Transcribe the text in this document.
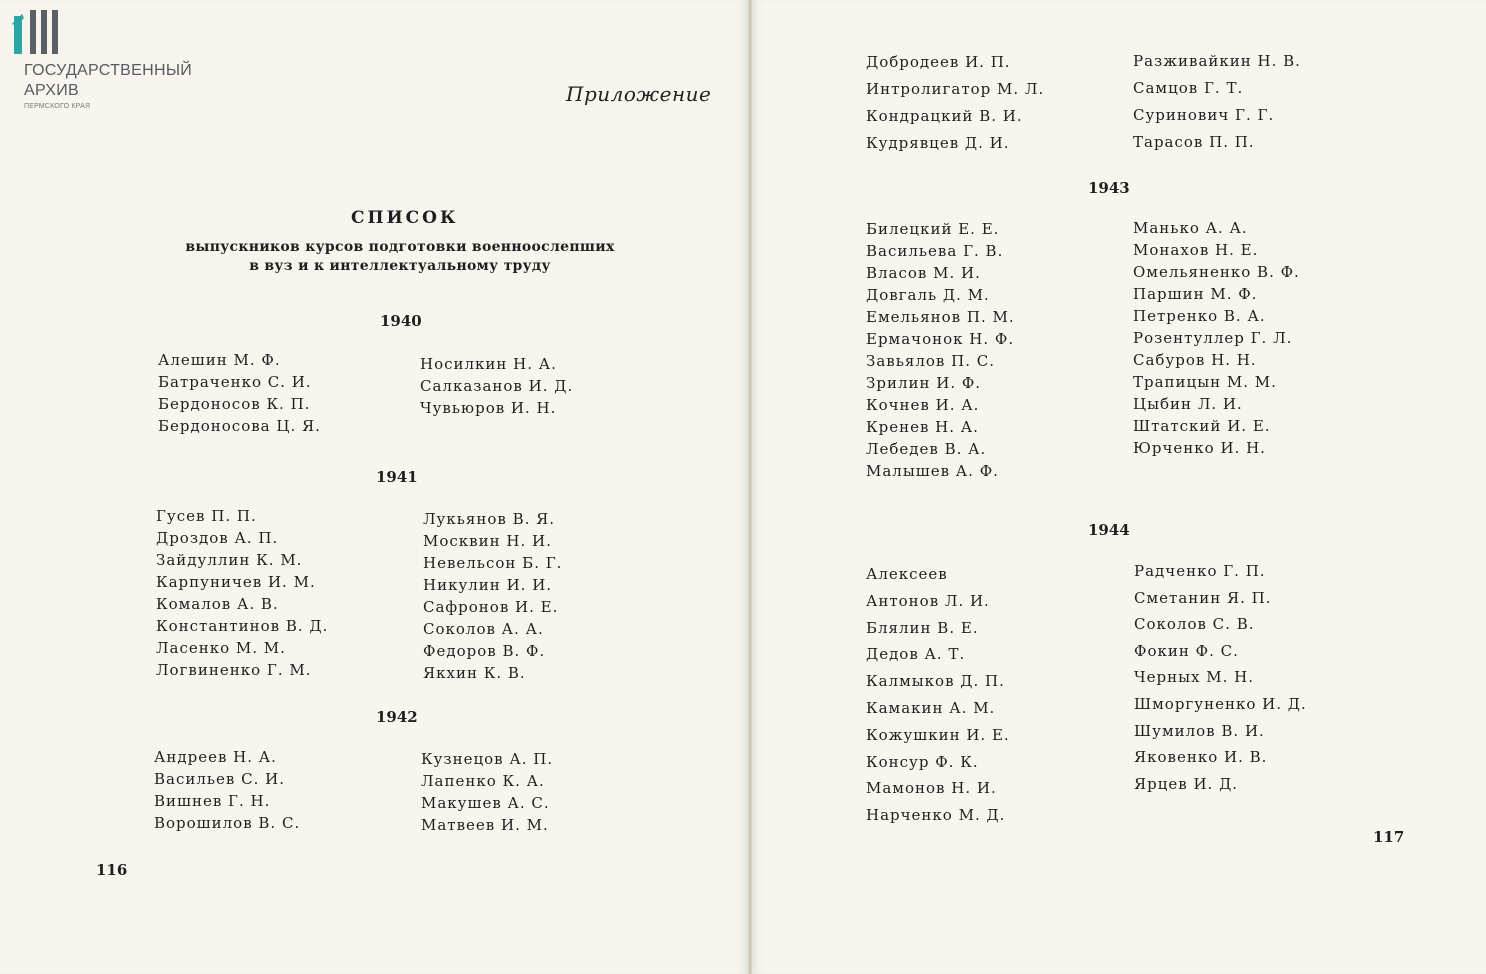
ГОСУДАРСТВЕННЫЙ
АРХИВ
ПЕРМСКОГО КРАЯ
Приложение
СПИСОК
выпускников курсов подготовки военноослепших
в вуз и к интеллектуальному труду
1940
Алешин М. Ф.
Батраченко С. И.
Бердоносов К. П.
Бердоносова Ц. Я.
Носилкин Н. А.
Салказанов И. Д.
Чувьюров И. Н.
1941
Гусев П. П.
Дроздов А. П.
Зайдуллин К. М.
Карпуничев И. М.
Комалов А. В.
Константинов В. Д.
Ласенко М. М.
Логвиненко Г. М.
Лукьянов В. Я.
Москвин Н. И.
Невельсон Б. Г.
Никулин И. И.
Сафронов И. Е.
Соколов А. А.
Федоров В. Ф.
Якхин К. В.
1942
Андреев Н. А.
Васильев С. И.
Вишнев Г. Н.
Ворошилов В. С.
Кузнецов А. П.
Лапенко К. А.
Макушев А. С.
Матвеев И. М.
116
Добродеев И. П.
Интролигатор М. Л.
Кондрацкий В. И.
Кудрявцев Д. И.
Разживайкин Н. В.
Самцов Г. Т.
Суринович Г. Г.
Тарасов П. П.
1943
Билецкий Е. Е.
Васильева Г. В.
Власов М. И.
Довгаль Д. М.
Емельянов П. М.
Ермачонок Н. Ф.
Завьялов П. С.
Зрилин И. Ф.
Кочнев И. А.
Кренев Н. А.
Лебедев В. А.
Малышев А. Ф.
Манько А. А.
Монахов Н. Е.
Омельяненко В. Ф.
Паршин М. Ф.
Петренко В. А.
Розентуллер Г. Л.
Сабуров Н. Н.
Трапицын М. М.
Цыбин Л. И.
Штатский И. Е.
Юрченко И. Н.
1944
Алексеев
Антонов Л. И.
Блялин В. Е.
Дедов А. Т.
Калмыков Д. П.
Камакин А. М.
Кожушкин И. Е.
Консур Ф. К.
Мамонов Н. И.
Нарченко М. Д.
Радченко Г. П.
Сметанин Я. П.
Соколов С. В.
Фокин Ф. С.
Черных М. Н.
Шморгуненко И. Д.
Шумилов В. И.
Яковенко И. В.
Ярцев И. Д.
117
